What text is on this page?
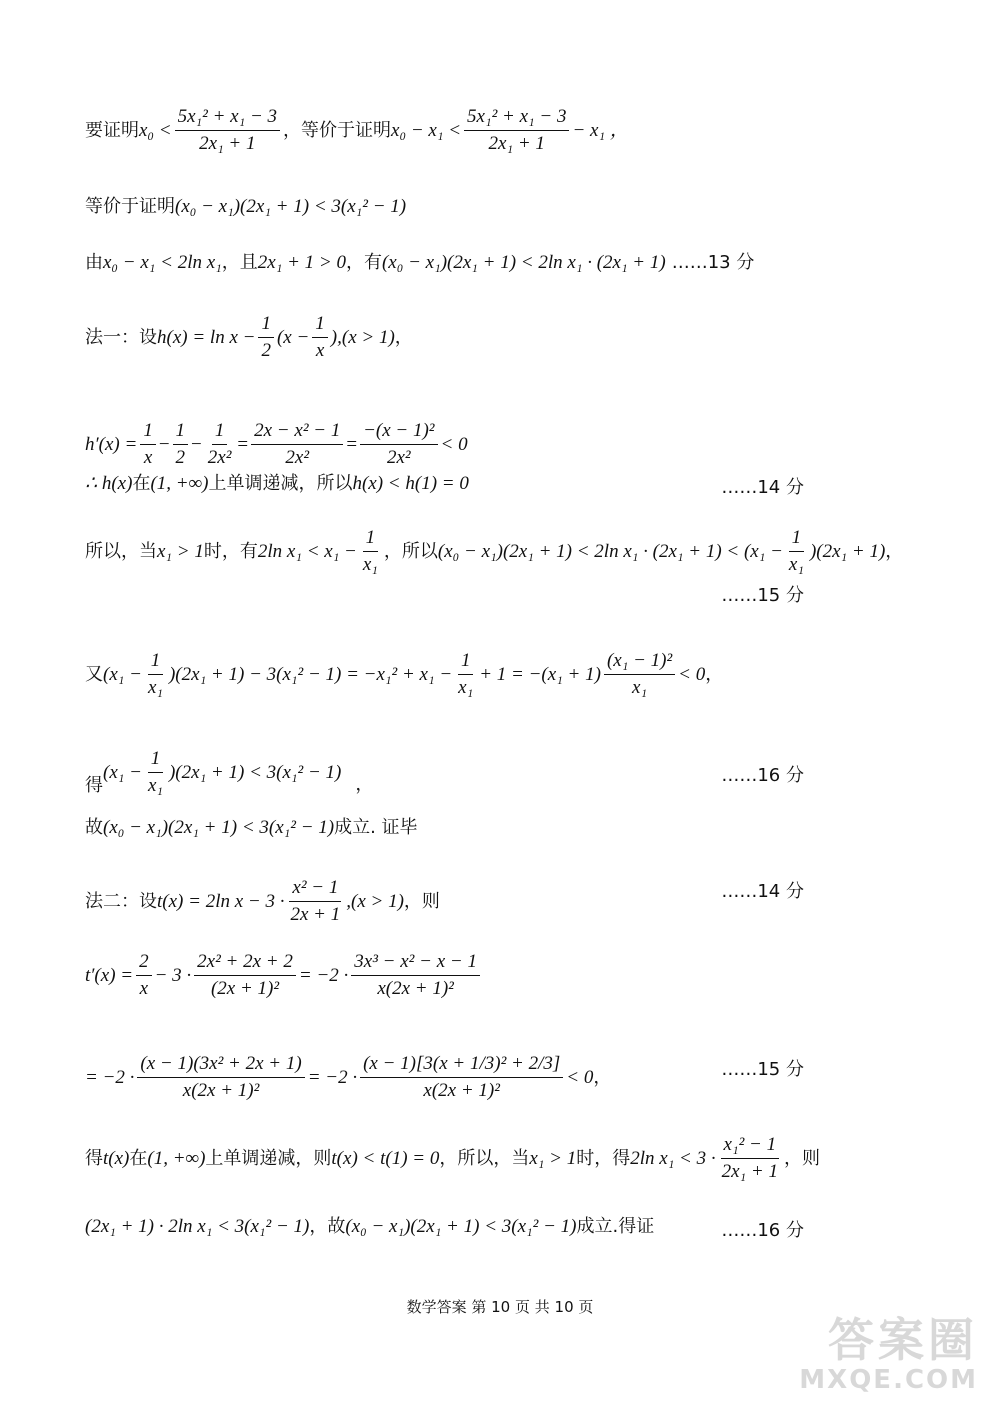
要证明 $x_0 < \frac{\text{5x₁² + x₁ − 3}}{\text{2x₁ + 1}}$ ，等价于证明 $x_0 - x_1 < \frac{\text{5x₁² + x₁ − 3}}{\text{2x₁ + 1}} - x_1$ ，
等价于证明 (x₀ − x₁)(2x₁ + 1) < 3(x₁² − 1)
由 x₀ − x₁ < 2ln x₁ ，且 2x₁ + 1 > 0 ，有 (x₀ − x₁)(2x₁ + 1) < 2ln x₁ · (2x₁ + 1) ……13 分
法一：设 $h(x) = \ln x - \frac{1}{2} (x - \frac{1}{x} ),(x > 1)$ ，
$h'(x) = \frac{1}{x} - \frac{1}{2} - \frac{1}{\text{2x²}} = \frac{\text{2x − x² − 1}}{\text{2x²}} = \frac{\text{−(x − 1)²}}{\text{2x²}} < 0$
∴ h(x) 在 (1, +∞) 上单调递减，所以 h(x) < h(1) = 0	……14 分
所以，当 x₁ > 1 时，有 2ln $x_1 < x_1 - \frac{1}{\text{x₁}}$ ，所以 (x₀ − x₁)(2x₁ + 1) < 2ln $x_1 \cdot (2x_1 + 1) < (x_1 - \frac{1}{\text{x₁}} )(2x_1 + 1)$ ，
……15 分
又 $(x_1 - \frac{1}{\text{x₁}} )(2x_1 + 1) - 3(x_1^2 - 1) = -x_1^2 + x_1 - \frac{1}{\text{x₁}} + 1 = -(x_1 + 1) \frac{\text{(x₁ − 1)²}}{\text{x₁}} < 0$ ，
得
$(x_1 - \frac{1}{\text{x₁}} )(2x_1 + 1) < 3(x_1^2 - 1)$
，	……16 分
故 (x₀ − x₁)(2x₁ + 1) < 3(x₁² − 1) 成立. 证毕
法二：设 t(x) = 2ln $x - 3 \cdot \frac{\text{x² − 1}}{2x + 1} ,(x > 1)$ ，则	……14 分
$t'(x) = \frac{2}{x} - 3 \cdot \frac{\text{2x² + 2x + 2}}{\text{(2x + 1)²}} = -2 \cdot \frac{\text{3x³ − x² − x − 1}}{\text{x(2x + 1)²}}$
= $-2 \cdot \frac{\text{(x − 1)(3x² + 2x + 1)}}{\text{x(2x + 1)²}} = -2 \cdot \frac{\text{(x − 1)[3(x + 1/3)² + 2/3]}}{\text{x(2x + 1)²}} < 0$ ，	……15 分
得 t(x) 在 (1, +∞) 上单调递减，则 t(x) < t(1) = 0 ，所以，当 x₁ > 1 时，得 2ln $x_1 < 3 \cdot \frac{\text{x₁² − 1}}{\text{2x₁ + 1}}$ ，则
(2x₁ + 1) · 2ln x₁ < 3(x₁² − 1) ，故 (x₀ − x₁)(2x₁ + 1) < 3(x₁² − 1) 成立.得证	……16 分
数学答案 第 10 页 共 10 页
答案圈
MXQE.COM
